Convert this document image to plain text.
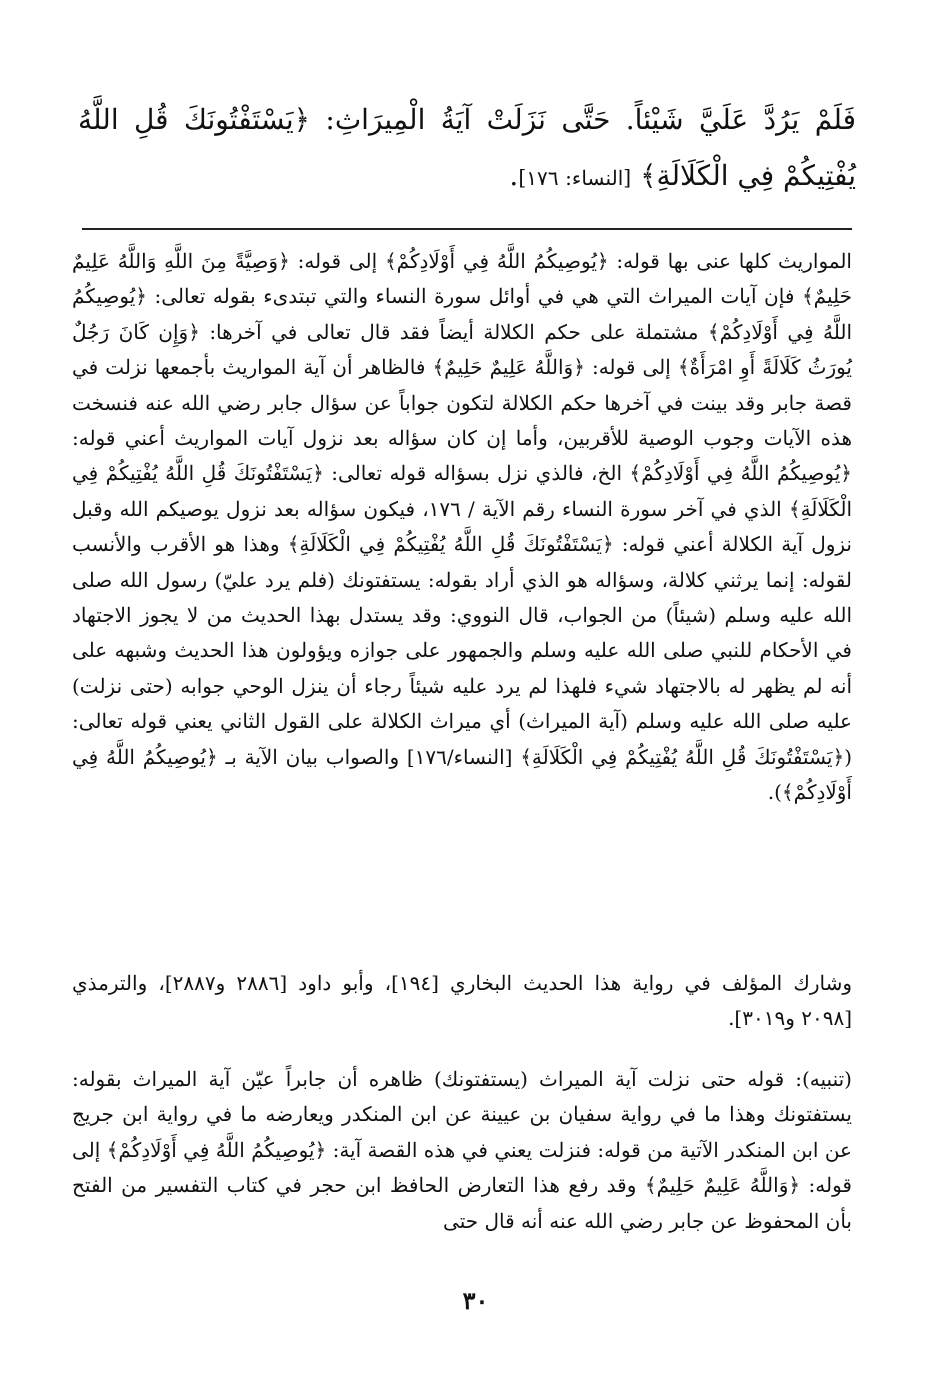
فَلَمْ يَرُدَّ عَلَيَّ شَيْئاً. حَتَّى نَزَلَتْ آيَةُ الْمِيرَاثِ: ﴿يَسْتَفْتُونَكَ قُلِ اللَّهُ يُفْتِيكُمْ فِي الْكَلَالَةِ﴾ [النساء: ١٧٦].

المواريث كلها عنى بها قوله: ﴿يُوصِيكُمُ اللَّهُ فِي أَوْلَادِكُمْ﴾ إلى قوله: ﴿وَصِيَّةً مِنَ اللَّهِ وَاللَّهُ عَلِيمٌ حَلِيمٌ﴾ فإن آيات الميراث التي هي في أوائل سورة النساء والتي تبتدىء بقوله تعالى: ﴿يُوصِيكُمُ اللَّهُ فِي أَوْلَادِكُمْ﴾ مشتملة على حكم الكلالة أيضاً فقد قال تعالى في آخرها: ﴿وَإِن كَانَ رَجُلٌ يُورَثُ كَلَالَةً أَوِ امْرَأَةٌ﴾ إلى قوله: ﴿وَاللَّهُ عَلِيمٌ حَلِيمٌ﴾ فالظاهر أن آية المواريث بأجمعها نزلت في قصة جابر وقد بينت في آخرها حكم الكلالة لتكون جواباً عن سؤال جابر رضي الله عنه فنسخت هذه الآيات وجوب الوصية للأقربين، وأما إن كان سؤاله بعد نزول آيات المواريث أعني قوله: ﴿يُوصِيكُمُ اللَّهُ فِي أَوْلَادِكُمْ﴾ الخ، فالذي نزل بسؤاله قوله تعالى: ﴿يَسْتَفْتُونَكَ قُلِ اللَّهُ يُفْتِيكُمْ فِي الْكَلَالَةِ﴾ الذي في آخر سورة النساء رقم الآية / ١٧٦، فيكون سؤاله بعد نزول يوصيكم الله وقبل نزول آية الكلالة أعني قوله: ﴿يَسْتَفْتُونَكَ قُلِ اللَّهُ يُفْتِيكُمْ فِي الْكَلَالَةِ﴾ وهذا هو الأقرب والأنسب لقوله: إنما يرثني كلالة، وسؤاله هو الذي أراد بقوله: يستفتونك (فلم يرد عليّ) رسول الله صلى الله عليه وسلم (شيئاً) من الجواب، قال النووي: وقد يستدل بهذا الحديث من لا يجوز الاجتهاد في الأحكام للنبي صلى الله عليه وسلم والجمهور على جوازه ويؤولون هذا الحديث وشبهه على أنه لم يظهر له بالاجتهاد شيء فلهذا لم يرد عليه شيئاً رجاء أن ينزل الوحي جوابه (حتى نزلت) عليه صلى الله عليه وسلم (آية الميراث) أي ميراث الكلالة على القول الثاني يعني قوله تعالى: (﴿يَسْتَفْتُونَكَ قُلِ اللَّهُ يُفْتِيكُمْ فِي الْكَلَالَةِ﴾ [النساء/١٧٦] والصواب بيان الآية بـ ﴿يُوصِيكُمُ اللَّهُ فِي أَوْلَادِكُمْ﴾).

وشارك المؤلف في رواية هذا الحديث البخاري [١٩٤]، وأبو داود [٢٨٨٦ و٢٨٨٧]، والترمذي [٢٠٩٨ و٣٠١٩].

(تنبيه): قوله حتى نزلت آية الميراث (يستفتونك) ظاهره أن جابراً عيّن آية الميراث بقوله: يستفتونك وهذا ما في رواية سفيان بن عيينة عن ابن المنكدر ويعارضه ما في رواية ابن جريج عن ابن المنكدر الآتية من قوله: فنزلت يعني في هذه القصة آية: ﴿يُوصِيكُمُ اللَّهُ فِي أَوْلَادِكُمْ﴾ إلى قوله: ﴿وَاللَّهُ عَلِيمٌ حَلِيمٌ﴾ وقد رفع هذا التعارض الحافظ ابن حجر في كتاب التفسير من الفتح بأن المحفوظ عن جابر رضي الله عنه أنه قال حتى

٣٠
